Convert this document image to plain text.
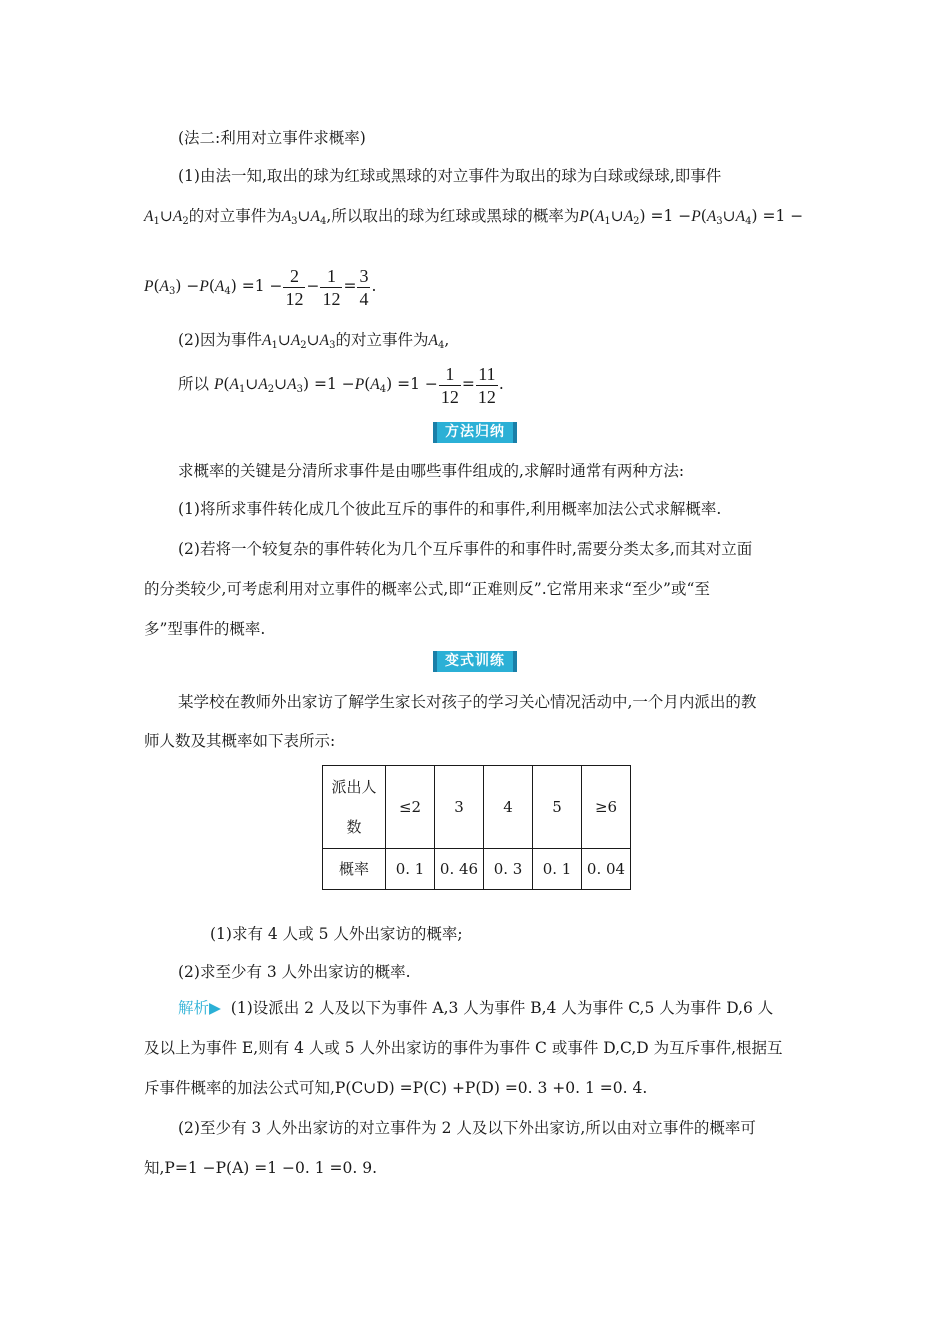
(法二:利用对立事件求概率)
(1)由法一知,取出的球为红球或黑球的对立事件为取出的球为白球或绿球,即事件
$A_1\cup A_2$的对立事件为$A_3\cup A_4$,所以取出的球为红球或黑球的概率为$P(A_1\cup A_2) =1$ $-P(A_3\cup A_4) =1$ −
$P(A_3) -P(A_4) =1 - \frac{2}{12} - \frac{1}{12} = \frac{3}{4}$ .
(2)因为事件$A_1\cup A_2\cup A_3$的对立事件为$A_4$,
所以 $P(A_1\cup A_2\cup A_3) =1 -P(A_4) =1 - \frac{1}{12} = \frac{11}{12}$ .
方法归纳
求概率的关键是分清所求事件是由哪些事件组成的,求解时通常有两种方法:
(1)将所求事件转化成几个彼此互斥的事件的和事件,利用概率加法公式求解概率.
(2)若将一个较复杂的事件转化为几个互斥事件的和事件时,需要分类太多,而其对立面
的分类较少,可考虑利用对立事件的概率公式,即“正难则反”.它常用来求“至少”或“至
多”型事件的概率.
变式训练
某学校在教师外出家访了解学生家长对孩子的学习关心情况活动中,一个月内派出的教
师人数及其概率如下表所示:
派出人
数	≤2	3	4	5	≥6
概率	0. 1	0. 46	0. 3	0. 1	0. 04
(1)求有 4 人或 5 人外出家访的概率;
(2)求至少有 3 人外出家访的概率.
解析▶ (1)设派出 2 人及以下为事件 A,3 人为事件 B,4 人为事件 C,5 人为事件 D,6 人
及以上为事件 E,则有 4 人或 5 人外出家访的事件为事件 C 或事件 D,C,D 为互斥事件,根据互
斥事件概率的加法公式可知,P(C∪D) =P(C) +P(D) =0. 3 +0. 1 =0. 4.
(2)至少有 3 人外出家访的对立事件为 2 人及以下外出家访,所以由对立事件的概率可
知,P=1 −P(A) =1 −0. 1 =0. 9.
